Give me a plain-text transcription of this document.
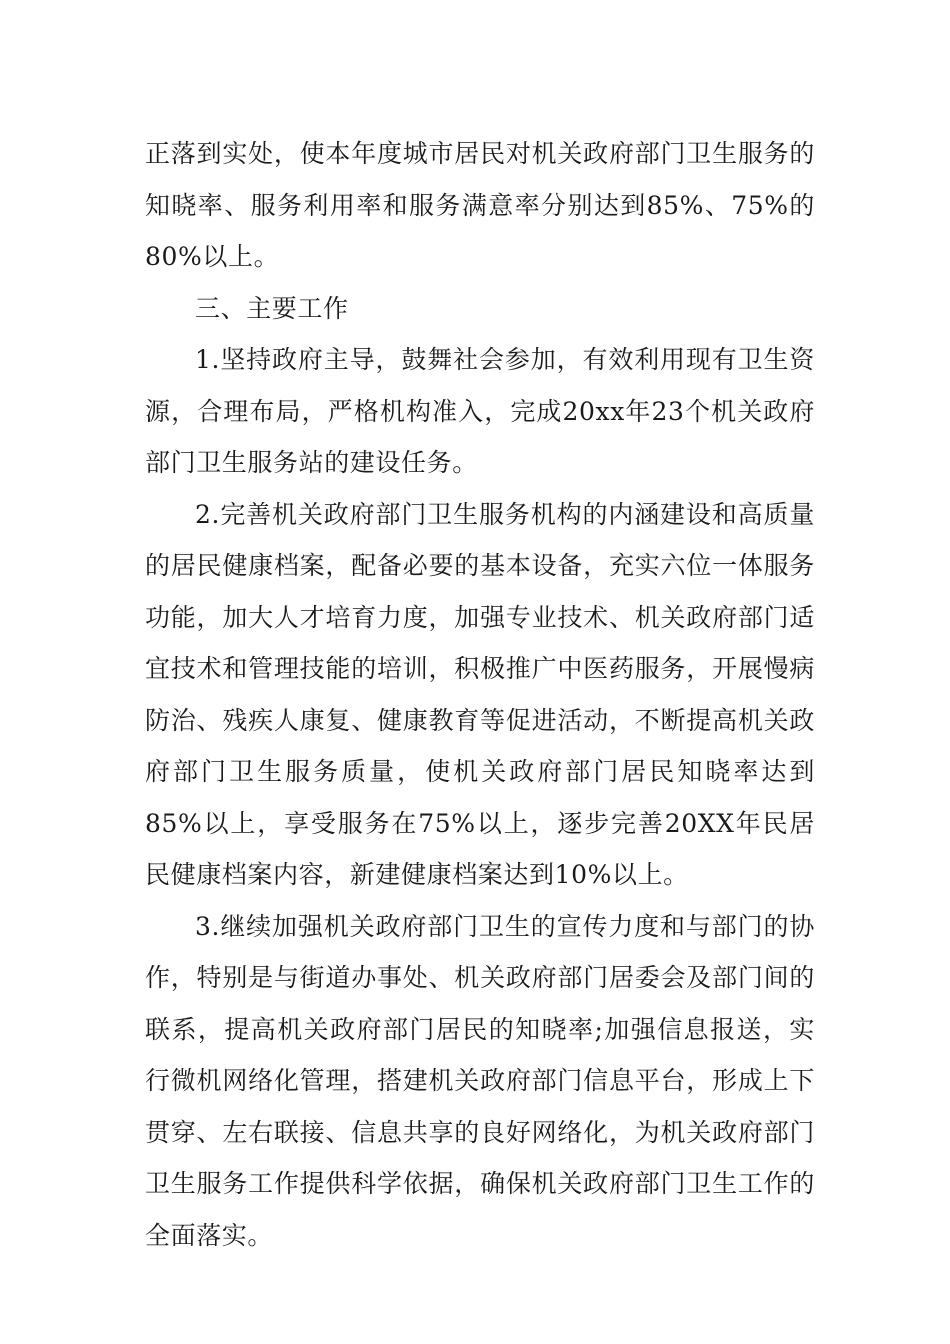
正落到实处，使本年度城市居民对机关政府部门卫生服务的知晓率、服务利用率和服务满意率分别达到85%、75%的80%以上。

三、主要工作

1.坚持政府主导，鼓舞社会参加，有效利用现有卫生资源，合理布局，严格机构准入，完成20xx年23个机关政府部门卫生服务站的建设任务。

2.完善机关政府部门卫生服务机构的内涵建设和高质量的居民健康档案，配备必要的基本设备，充实六位一体服务功能，加大人才培育力度，加强专业技术、机关政府部门适宜技术和管理技能的培训，积极推广中医药服务，开展慢病防治、残疾人康复、健康教育等促进活动，不断提高机关政府部门卫生服务质量，使机关政府部门居民知晓率达到85%以上，享受服务在75%以上，逐步完善20XX年民居民健康档案内容，新建健康档案达到10%以上。

3.继续加强机关政府部门卫生的宣传力度和与部门的协作，特别是与街道办事处、机关政府部门居委会及部门间的联系，提高机关政府部门居民的知晓率;加强信息报送，实行微机网络化管理，搭建机关政府部门信息平台，形成上下贯穿、左右联接、信息共享的良好网络化，为机关政府部门卫生服务工作提供科学依据，确保机关政府部门卫生工作的全面落实。
